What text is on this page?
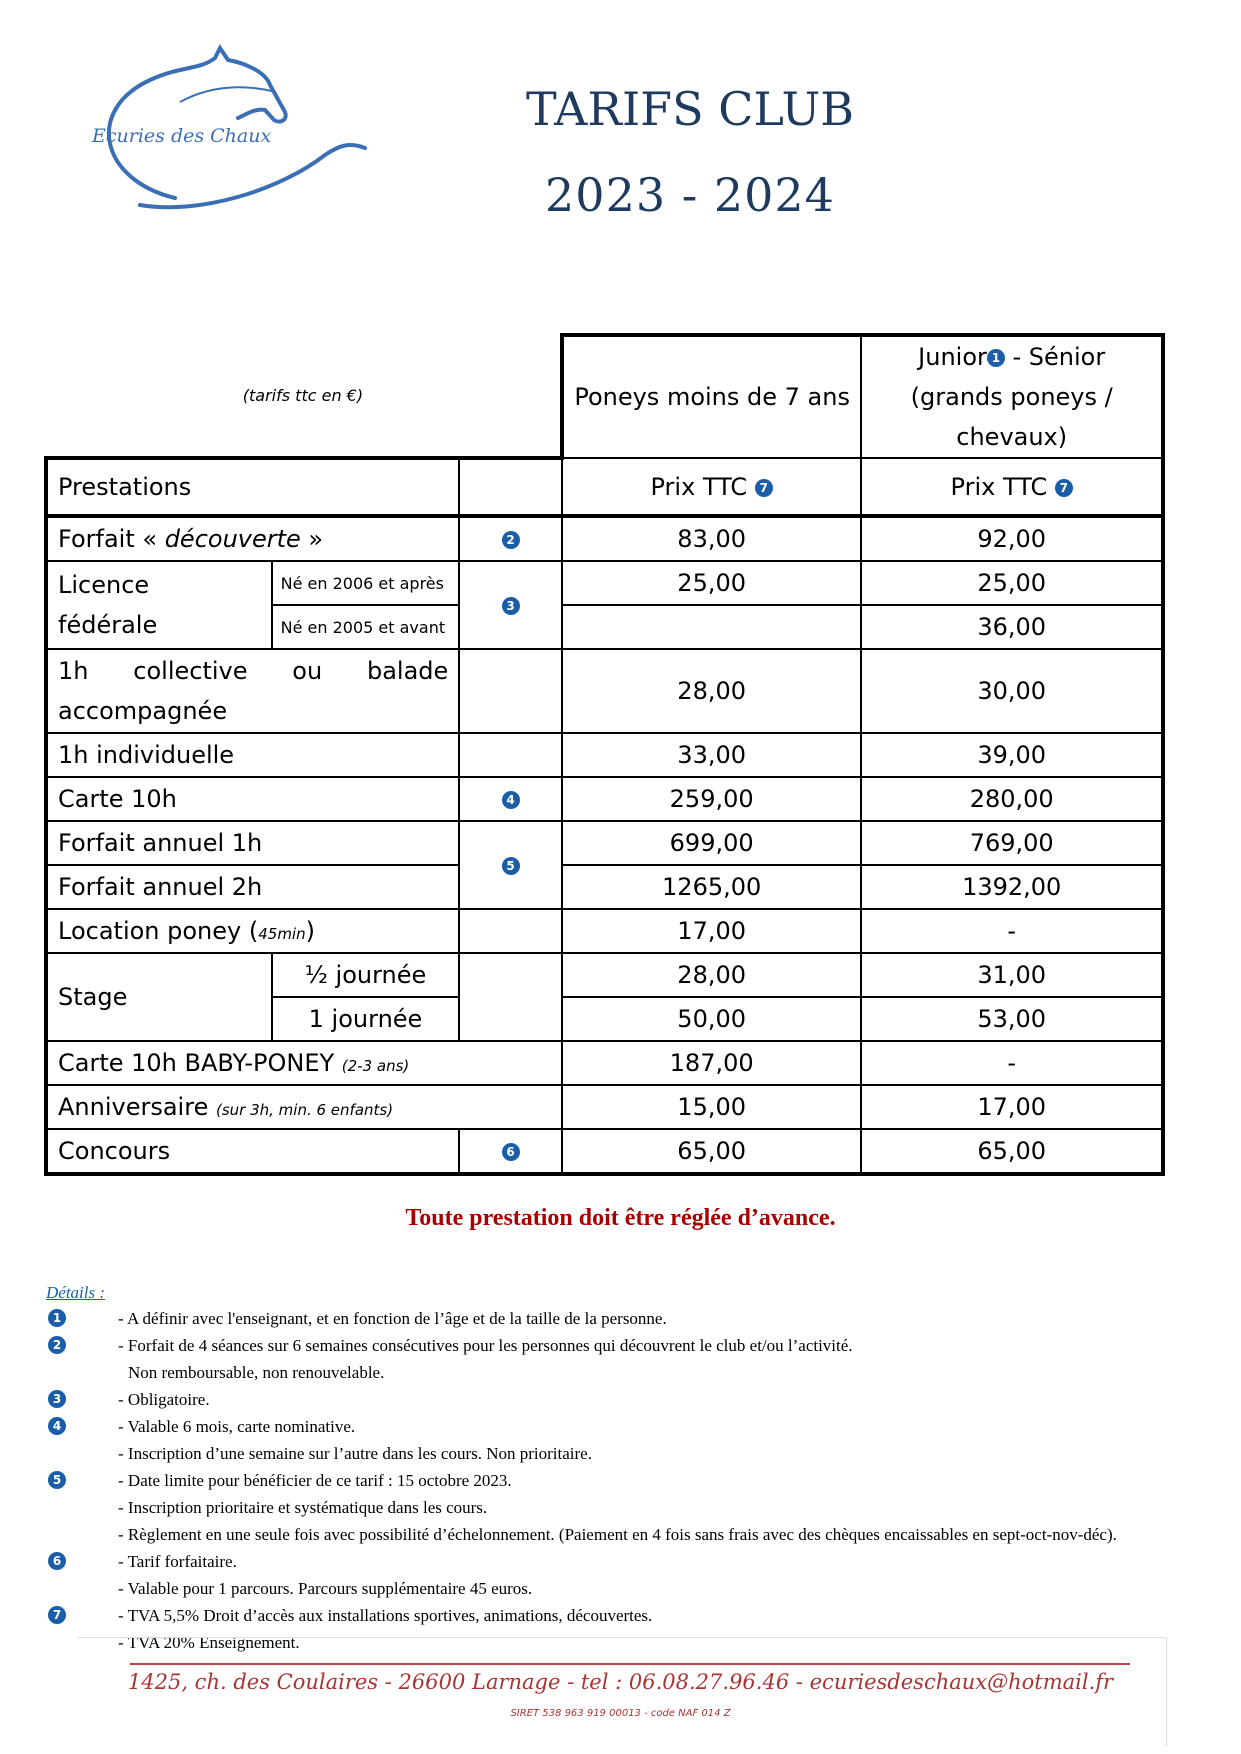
Ecuries des Chaux	TARIFS CLUB
2023 - 2024
(tarifs ttc en €)			Poneys moins de 7 ans	Junior 1 - Sénior
(grands poneys /
chevaux)
Prestations			Prix TTC 7	Prix TTC 7
Forfait « découverte »		2	83,00	92,00
Licence
fédérale	Né en 2006 et après	3	25,00	25,00
	Né en 2005 et avant			36,00

1h collective ou balade
accompagnée			28,00	30,00
1h individuelle			33,00	39,00
Carte 10h		4	259,00	280,00
Forfait annuel 1h		5	699,00	769,00
Forfait annuel 2h			1265,00	1392,00
Location poney (45min)			17,00	-
Stage	½ journée		28,00	31,00
	1 journée		50,00	53,00
Carte 10h BABY-PONEY (2-3 ans)			187,00	-
Anniversaire (sur 3h, min. 6 enfants)			15,00	17,00
Concours		6	65,00	65,00
Toute prestation doit être réglée d’avance.
Détails :
1	- A définir avec l'enseignant, et en fonction de l’âge et de la taille de la personne.
2	- Forfait de 4 séances sur 6 semaines consécutives pour les personnes qui découvrent le club et/ou l’activité.
Non remboursable, non renouvelable.
3	- Obligatoire.
4	- Valable 6 mois, carte nominative.
- Inscription d’une semaine sur l’autre dans les cours. Non prioritaire.
5	- Date limite pour bénéficier de ce tarif : 15 octobre 2023.
- Inscription prioritaire et systématique dans les cours.
- Règlement en une seule fois avec possibilité d’échelonnement. (Paiement en 4 fois sans frais avec des chèques encaissables en sept-oct-nov-déc).
6	- Tarif forfaitaire.
- Valable pour 1 parcours. Parcours supplémentaire 45 euros.
7	- TVA 5,5% Droit d’accès aux installations sportives, animations, découvertes.
- TVA 20% Enseignement.
1425, ch. des Coulaires - 26600 Larnage - tel : 06.08.27.96.46 - ecuriesdeschaux@hotmail.fr
SIRET 538 963 919 00013 - code NAF 014 Z
